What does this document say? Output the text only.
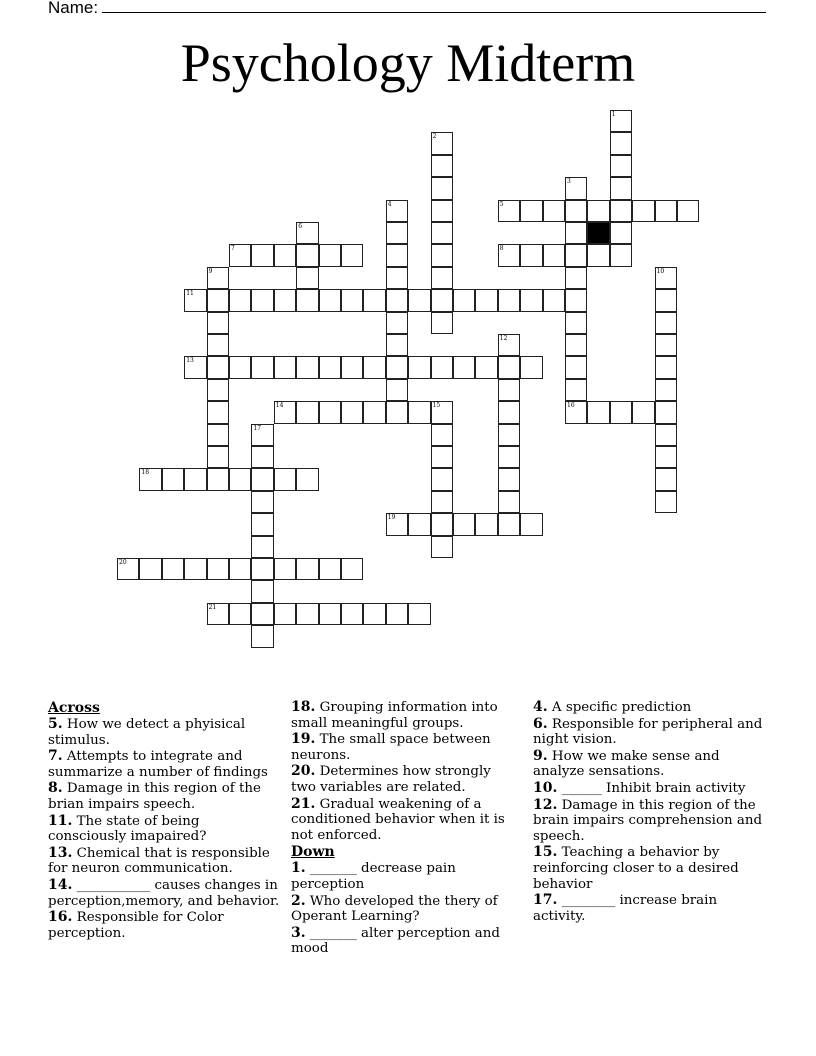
Name:
Psychology Midterm
1
2
3
16
4	5
6
7	8
9	10
11
12
13
14	15
17
18
19
20
21
Across
5. How we detect a phyisical stimulus.
7. Attempts to integrate and summarize a number of findings
8. Damage in this region of the brian impairs speech.
11. The state of being consciously imapaired?
13. Chemical that is responsible for neuron communication.
14. ___________ causes changes in perception,memory, and behavior.
16. Responsible for Color perception.
18. Grouping information into small meaningful groups.
19. The small space between neurons.
20. Determines how strongly two variables are related.
21. Gradual weakening of a conditioned behavior when it is not enforced.
Down
1. _______ decrease pain perception
2. Who developed the thery of Operant Learning?
3. _______ alter perception and mood
4. A specific prediction
6. Responsible for peripheral and night vision.
9. How we make sense and analyze sensations.
10. ______ Inhibit brain activity
12. Damage in this region of the brain impairs comprehension and speech.
15. Teaching a behavior by reinforcing closer to a desired behavior
17. ________ increase brain activity.
